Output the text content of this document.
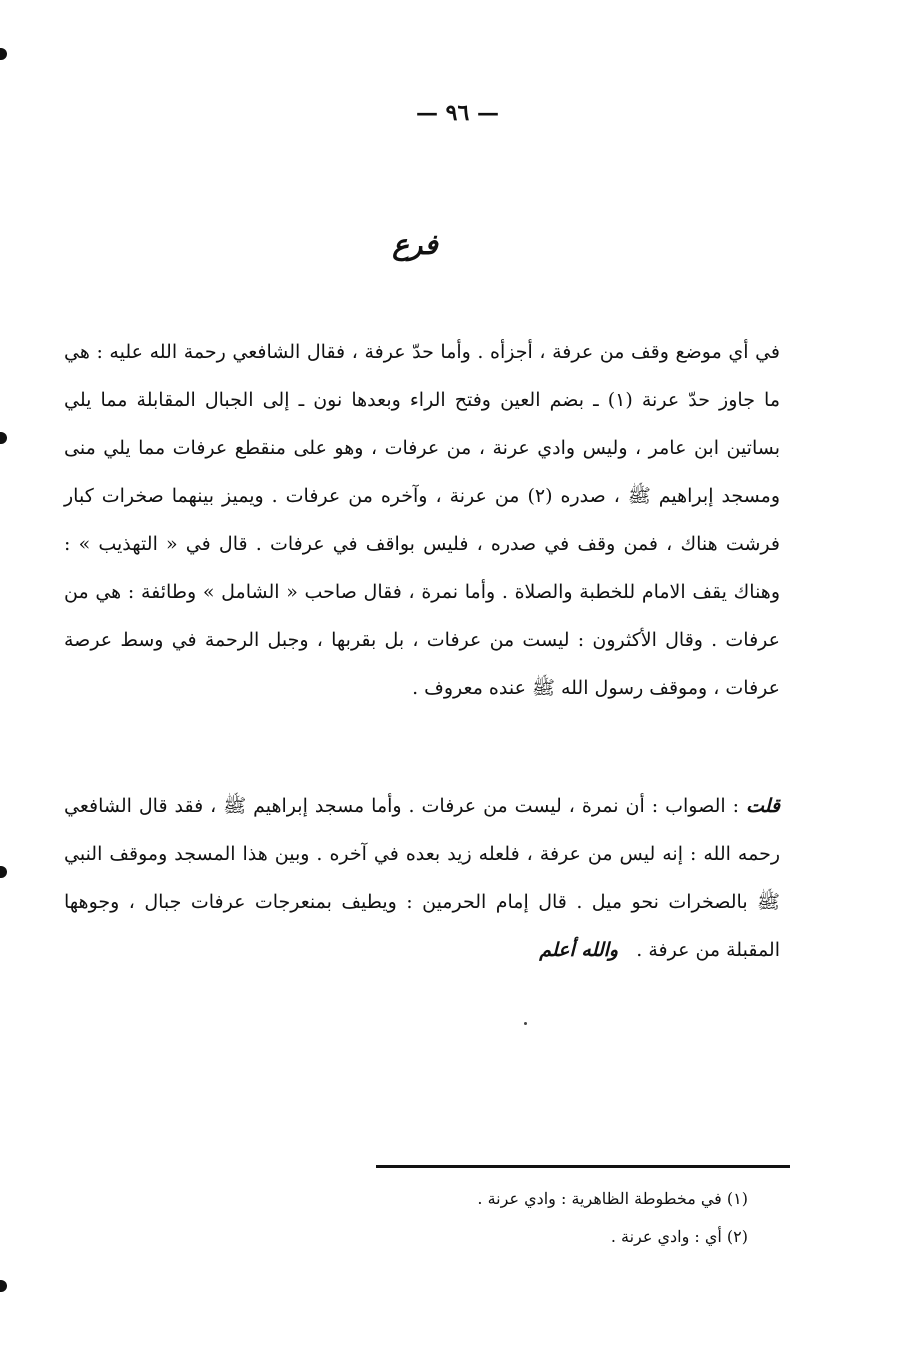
— ٩٦ —
فرع

في أي موضع وقف من عرفة ، أجزأه . وأما حدّ عرفة ، فقال الشافعي رحمة الله عليه : هي ما جاوز حدّ عرنة (١) ـ بضم العين وفتح الراء وبعدها نون ـ إلى الجبال المقابلة مما يلي بساتين ابن عامر ، وليس وادي عرنة ، من عرفات ، وهو على منقطع عرفات مما يلي منى ومسجد إبراهيم ﷺ ، صدره (٢) من عرنة ، وآخره من عرفات . ويميز بينهما صخرات كبار فرشت هناك ، فمن وقف في صدره ، فليس بواقف في عرفات . قال في « التهذيب » : وهناك يقف الامام للخطبة والصلاة . وأما نمرة ، فقال صاحب « الشامل » وطائفة : هي من عرفات . وقال الأكثرون : ليست من عرفات ، بل بقربها ، وجبل الرحمة في وسط عرصة عرفات ، وموقف رسول الله ﷺ عنده معروف .

قلت : الصواب : أن نمرة ، ليست من عرفات . وأما مسجد إبراهيم ﷺ ، فقد قال الشافعي رحمه الله : إنه ليس من عرفة ، فلعله زيد بعده في آخره . وبين هذا المسجد وموقف النبي ﷺ بالصخرات نحو ميل . قال إمام الحرمين : ويطيف بمنعرجات عرفات جبال ، وجوهها المقبلة من عرفة .   والله أعلم

(١) في مخطوطة الظاهرية : وادي عرنة .
(٢) أي : وادي عرنة .
